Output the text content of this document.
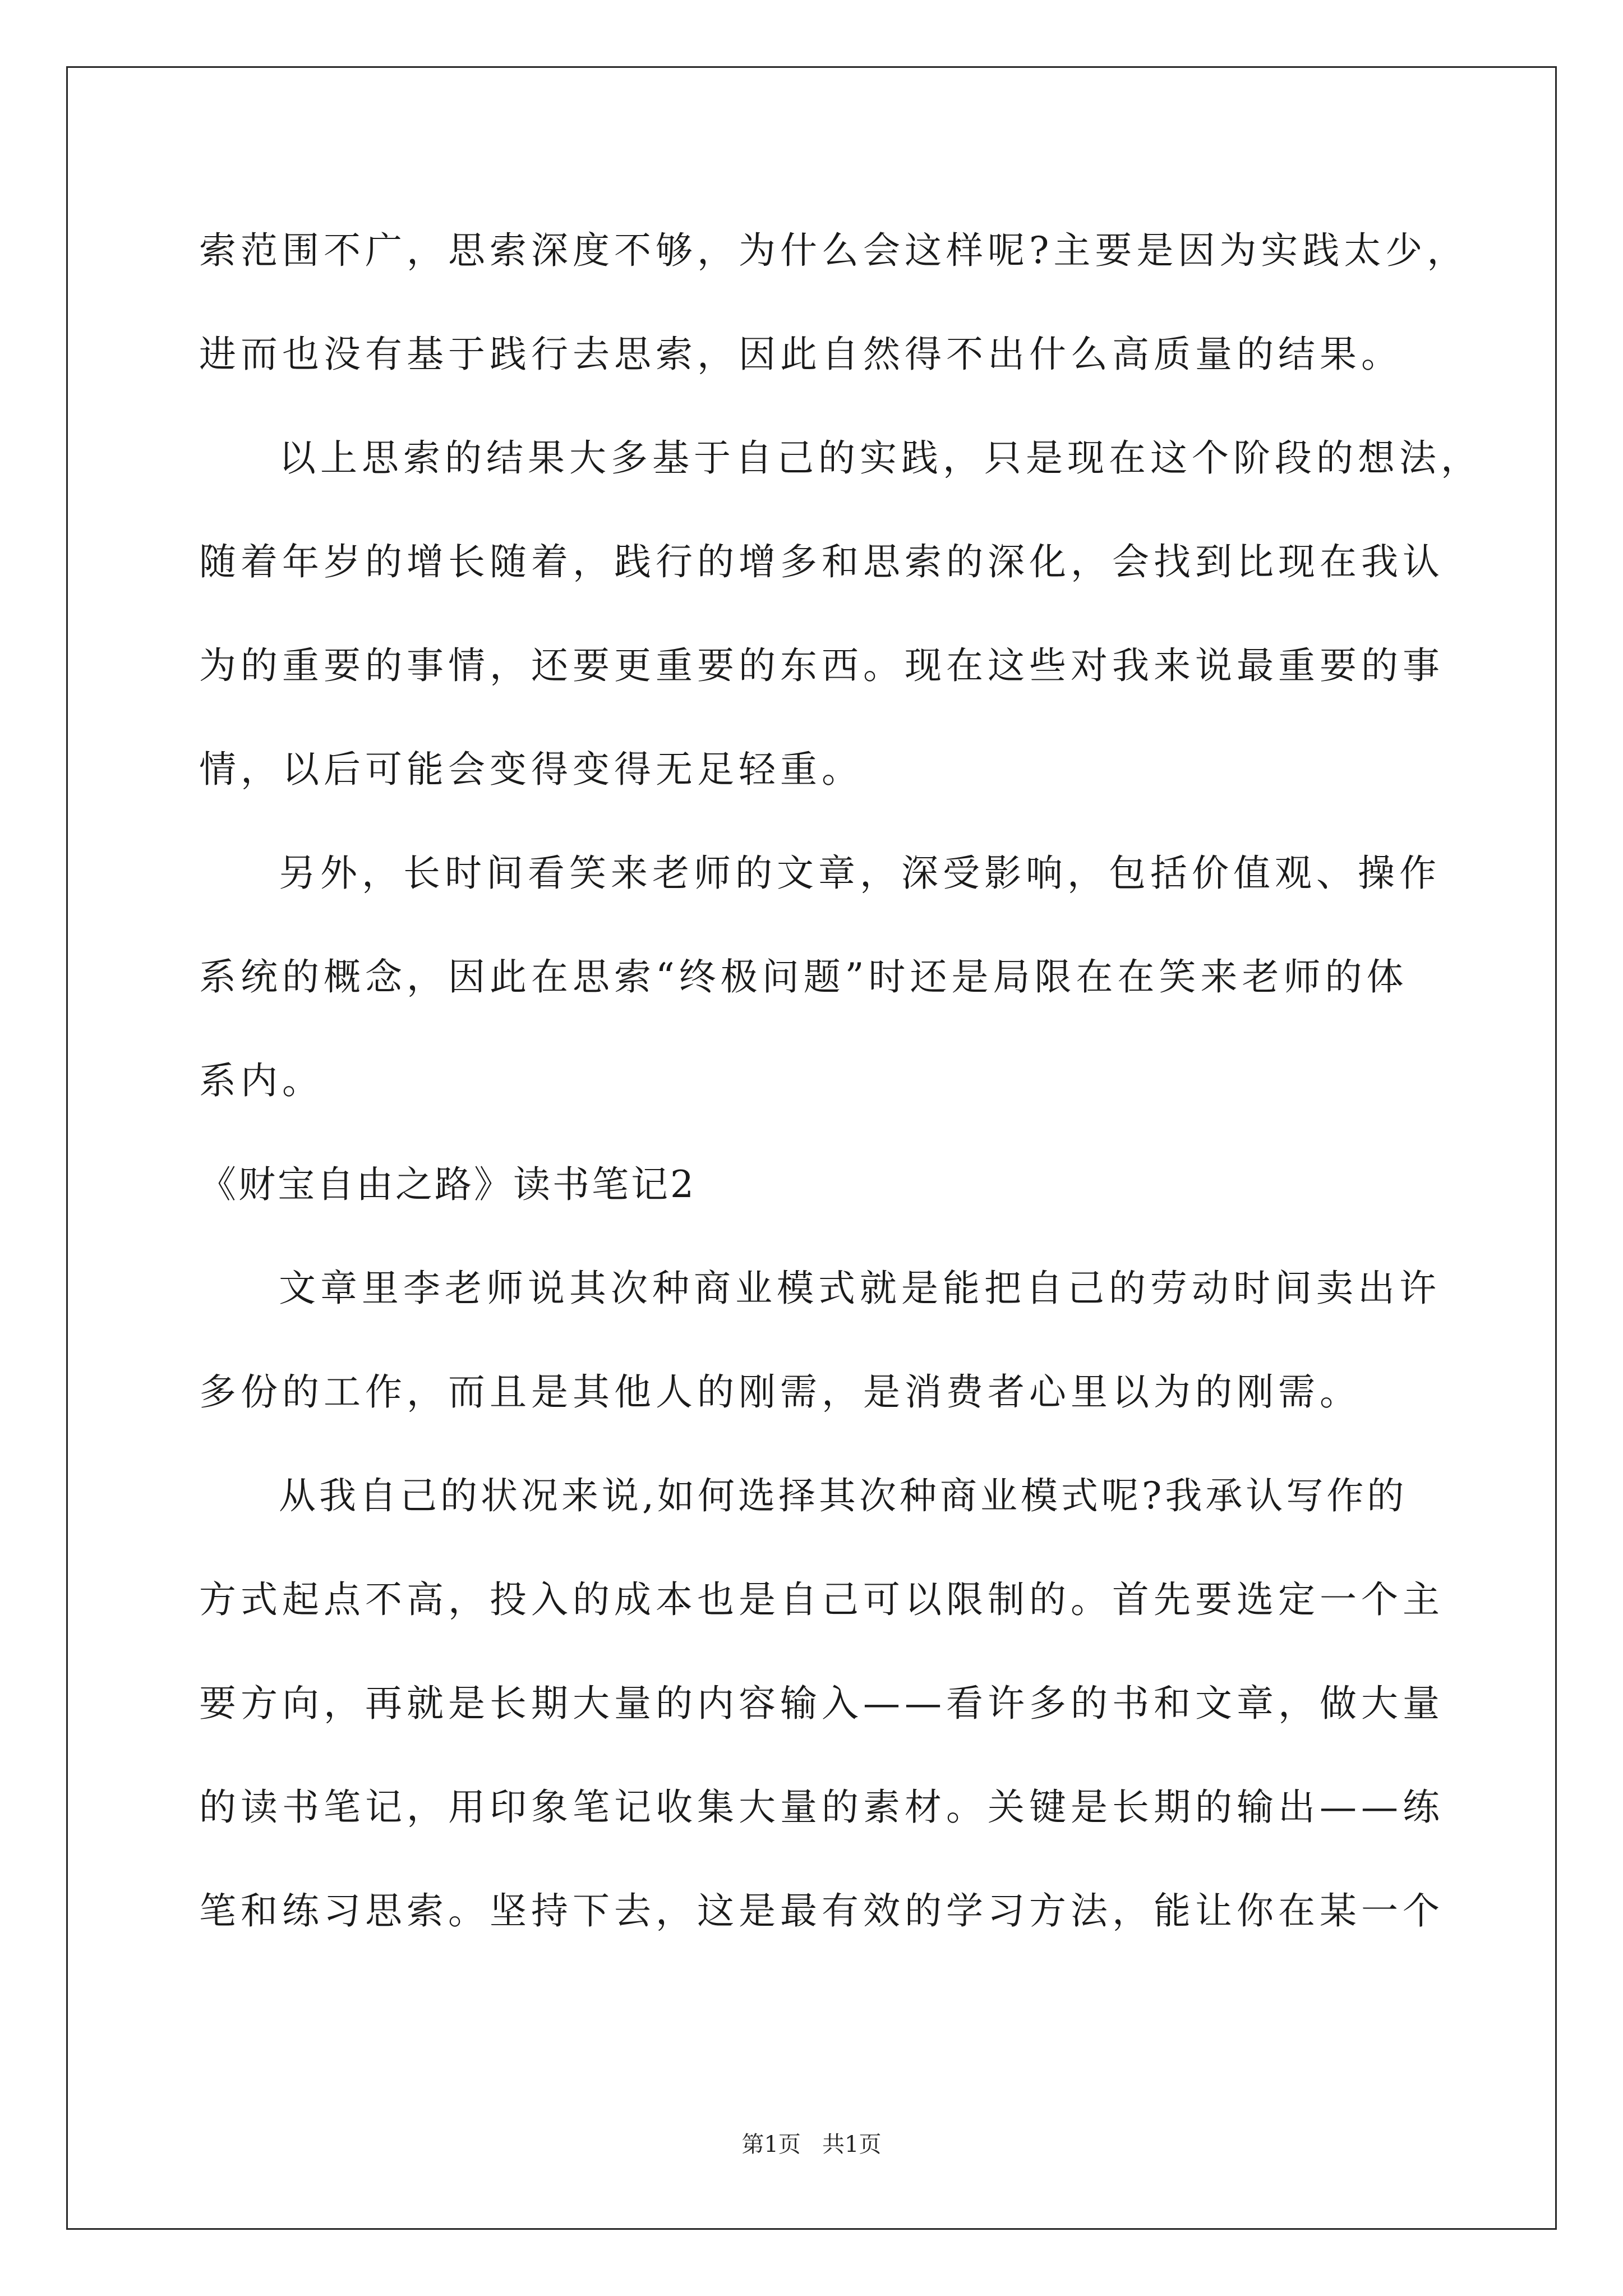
索范围不广，思索深度不够，为什么会这样呢?主要是因为实践太少，
进而也没有基于践行去思索，因此自然得不出什么高质量的结果。
以上思索的结果大多基于自己的实践，只是现在这个阶段的想法，
随着年岁的增长随着，践行的增多和思索的深化，会找到比现在我认
为的重要的事情，还要更重要的东西。现在这些对我来说最重要的事
情，以后可能会变得变得无足轻重。
另外，长时间看笑来老师的文章，深受影响，包括价值观、操作
系统的概念，因此在思索“终极问题”时还是局限在在笑来老师的体
系内。
《财宝自由之路》读书笔记2
文章里李老师说其次种商业模式就是能把自己的劳动时间卖出许
多份的工作，而且是其他人的刚需，是消费者心里以为的刚需。
从我自己的状况来说,如何选择其次种商业模式呢?我承认写作的
方式起点不高，投入的成本也是自己可以限制的。首先要选定一个主
要方向，再就是长期大量的内容输入——看许多的书和文章，做大量
的读书笔记，用印象笔记收集大量的素材。关键是长期的输出——练
笔和练习思索。坚持下去，这是最有效的学习方法，能让你在某一个
第1页   共1页
